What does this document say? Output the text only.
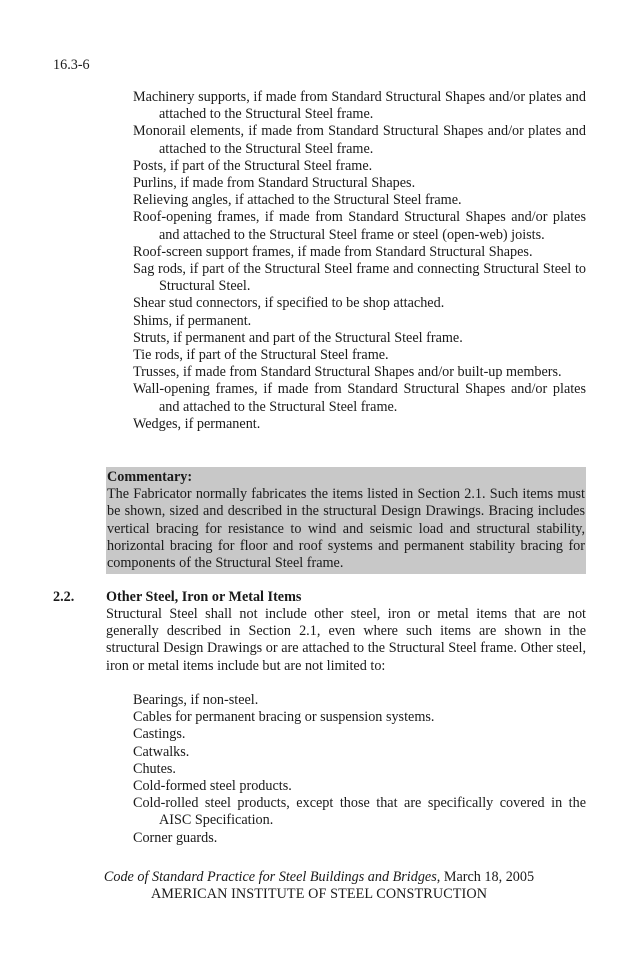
16.3-6
Machinery supports, if made from Standard Structural Shapes and/or plates and attached to the Structural Steel frame.
Monorail elements, if made from Standard Structural Shapes and/or plates and attached to the Structural Steel frame.
Posts, if part of the Structural Steel frame.
Purlins, if made from Standard Structural Shapes.
Relieving angles, if attached to the Structural Steel frame.
Roof-opening frames, if made from Standard Structural Shapes and/or plates and attached to the Structural Steel frame or steel (open-web) joists.
Roof-screen support frames, if made from Standard Structural Shapes.
Sag rods, if part of the Structural Steel frame and connecting Structural Steel to Structural Steel.
Shear stud connectors, if specified to be shop attached.
Shims, if permanent.
Struts, if permanent and part of the Structural Steel frame.
Tie rods, if part of the Structural Steel frame.
Trusses, if made from Standard Structural Shapes and/or built-up members.
Wall-opening frames, if made from Standard Structural Shapes and/or plates and attached to the Structural Steel frame.
Wedges, if permanent.
Commentary:
The Fabricator normally fabricates the items listed in Section 2.1. Such items must be shown, sized and described in the structural Design Drawings. Bracing includes vertical bracing for resistance to wind and seismic load and structural stability, horizontal bracing for floor and roof systems and permanent stability bracing for components of the Structural Steel frame.
2.2. Other Steel, Iron or Metal Items
Structural Steel shall not include other steel, iron or metal items that are not generally described in Section 2.1, even where such items are shown in the structural Design Drawings or are attached to the Structural Steel frame. Other steel, iron or metal items include but are not limited to:
Bearings, if non-steel.
Cables for permanent bracing or suspension systems.
Castings.
Catwalks.
Chutes.
Cold-formed steel products.
Cold-rolled steel products, except those that are specifically covered in the AISC Specification.
Corner guards.
Code of Standard Practice for Steel Buildings and Bridges, March 18, 2005
AMERICAN INSTITUTE OF STEEL CONSTRUCTION
